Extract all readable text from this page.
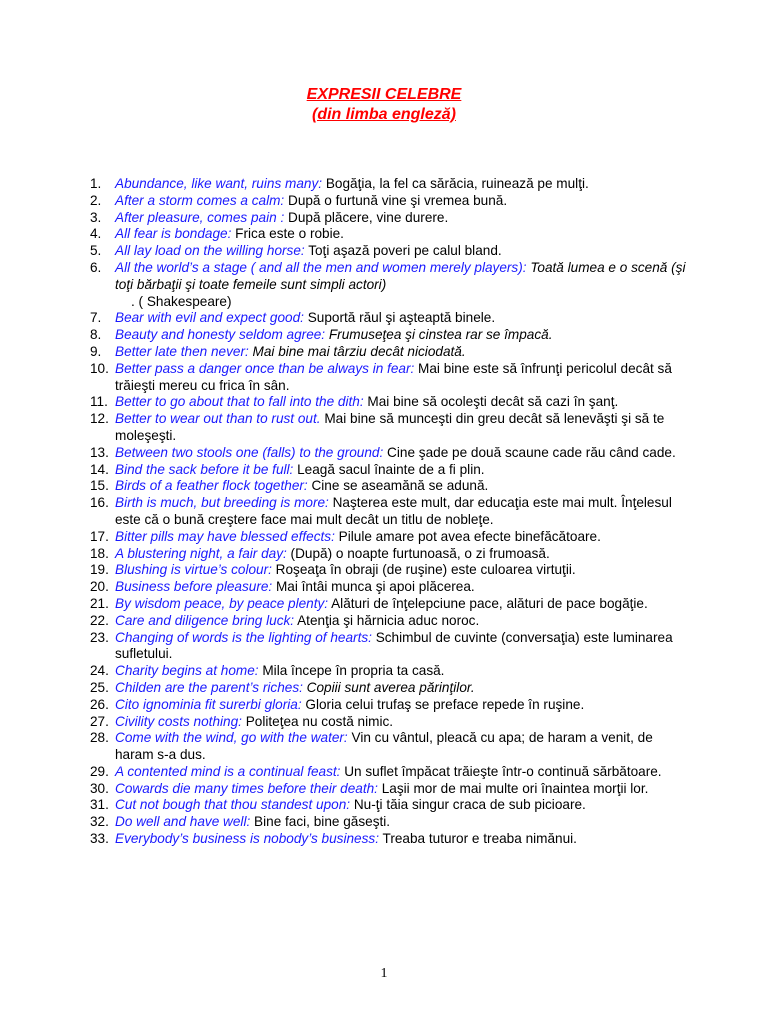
EXPRESII CELEBRE
(din limba engleză)
1. Abundance, like want, ruins many: Bogăţia, la fel ca sărăcia, ruinează pe mulţi.
2. After a storm comes a calm: După o furtună vine şi vremea bună.
3. After pleasure, comes pain : După plăcere, vine durere.
4. All fear is bondage: Frica este o robie.
5. All lay load on the willing horse: Toţi aşază poveri pe calul bland.
6. All the world’s a stage ( and all the men and women merely players): Toată lumea e o scenă (şi toţi bărbaţii şi toate femeile sunt simpli actori)
. ( Shakespeare)
7. Bear with evil and expect good: Suportă răul şi aşteaptă binele.
8. Beauty and honesty seldom agree: Frumuseţea şi cinstea rar se împacă.
9. Better late then never: Mai bine mai târziu decât niciodată.
10. Better pass a danger once than be always in fear: Mai bine este să înfrunţi pericolul decât să trăieşti mereu cu frica în sân.
11. Better to go about that to fall into the dith: Mai bine să ocoleşti decât să cazi în şanţ.
12. Better to wear out than to rust out. Mai bine să munceşti din greu decât să lenevăşti şi să te moleşeşti.
13. Between two stools one (falls) to the ground: Cine şade pe două scaune cade rău când cade.
14. Bind the sack before it be full: Leagă sacul înainte de a fi plin.
15. Birds of a feather flock together: Cine se aseamănă se adună.
16. Birth is much, but breeding is more: Naşterea este mult, dar educaţia este mai mult. Înţelesul este că o bună creştere face mai mult decât un titlu de nobleţe.
17. Bitter pills may have blessed effects: Pilule amare pot avea efecte binefăcătoare.
18. A blustering night, a fair day: (După) o noapte furtunoasă, o zi frumoasă.
19. Blushing is virtue’s colour: Roşeaţa în obraji (de ruşine) este culoarea virtuţii.
20. Business before pleasure: Mai întâi munca şi apoi plăcerea.
21. By wisdom peace, by peace plenty: Alături de înţelepciune pace, alături de pace bogăţie.
22. Care and diligence bring luck: Atenţia şi hărnicia aduc noroc.
23. Changing of words is the lighting of hearts: Schimbul de cuvinte (conversaţia) este luminarea sufletului.
24. Charity begins at home: Mila începe în propria ta casă.
25. Childen are the parent’s riches: Copiii sunt averea părinţilor.
26. Cito ignominia fit surerbi gloria: Gloria celui trufaş se preface repede în ruşine.
27. Civility costs nothing: Politeţea nu costă nimic.
28. Come with the wind, go with the water: Vin cu vântul, pleacă cu apa; de haram a venit, de haram s-a dus.
29. A contented mind is a continual feast: Un suflet împăcat trăieşte într-o continuă sărbătoare.
30. Cowards die many times before their death: Laşii mor de mai multe ori înaintea morţii lor.
31. Cut not bough that thou standest upon: Nu-ţi tăia singur craca de sub picioare.
32. Do well and have well: Bine faci, bine găseşti.
33. Everybody’s business is nobody’s business: Treaba tuturor e treaba nimănui.
1
